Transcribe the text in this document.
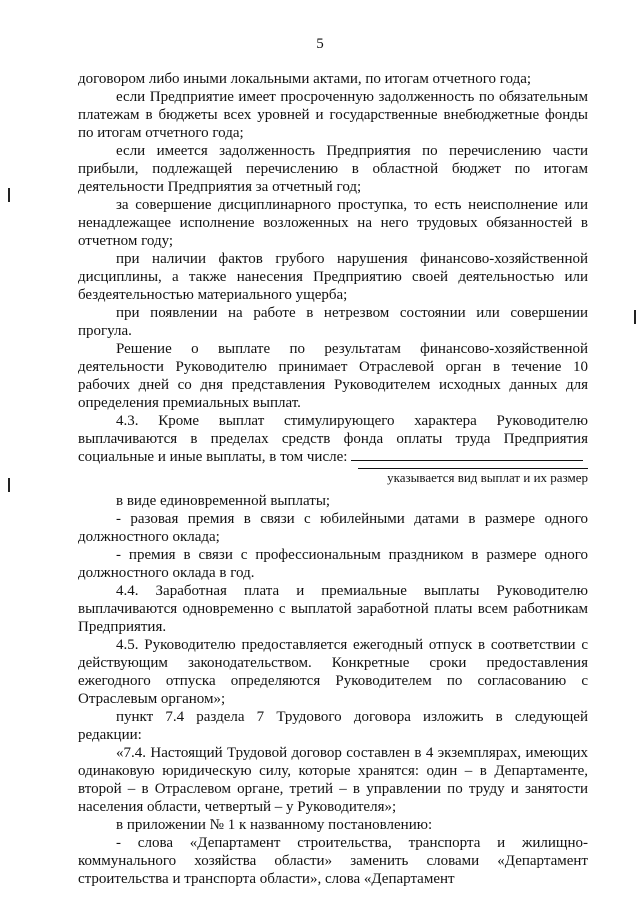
5

договором либо иными локальными актами, по итогам отчетного года;

если Предприятие имеет просроченную задолженность по обязательным платежам в бюджеты всех уровней и государственные внебюджетные фонды по итогам отчетного года;

если имеется задолженность Предприятия по перечислению части прибыли, подлежащей перечислению в областной бюджет по итогам деятельности Предприятия за отчетный год;

за совершение дисциплинарного проступка, то есть неисполнение или ненадлежащее исполнение возложенных на него трудовых обязанностей в отчетном году;

при наличии фактов грубого нарушения финансово-хозяйственной дисциплины, а также нанесения Предприятию своей деятельностью или бездеятельностью материального ущерба;

при появлении на работе в нетрезвом состоянии или совершении прогула.

Решение о выплате по результатам финансово-хозяйственной деятельности Руководителю принимает Отраслевой орган в течение 10 рабочих дней со дня представления Руководителем исходных данных для определения премиальных выплат.

4.3. Кроме выплат стимулирующего характера Руководителю выплачиваются в пределах средств фонда оплаты труда Предприятия социальные и иные выплаты, в том числе:

указывается вид выплат и их размер

в виде единовременной выплаты;

- разовая премия в связи с юбилейными датами в размере одного должностного оклада;

- премия в связи с профессиональным праздником в размере одного должностного оклада в год.

4.4. Заработная плата и премиальные выплаты Руководителю выплачиваются одновременно с выплатой заработной платы всем работникам Предприятия.

4.5. Руководителю предоставляется ежегодный отпуск в соответствии с действующим законодательством. Конкретные сроки предоставления ежегодного отпуска определяются Руководителем по согласованию с Отраслевым органом»;

пункт 7.4 раздела 7 Трудового договора изложить в следующей редакции:

«7.4. Настоящий Трудовой договор составлен в 4 экземплярах, имеющих одинаковую юридическую силу, которые хранятся: один – в Департаменте, второй – в Отраслевом органе, третий – в управлении по труду и занятости населения области, четвертый – у Руководителя»;

в приложении № 1 к названному постановлению:

- слова «Департамент строительства, транспорта и жилищно-коммунального хозяйства области» заменить словами «Департамент строительства и транспорта области», слова «Департамент
